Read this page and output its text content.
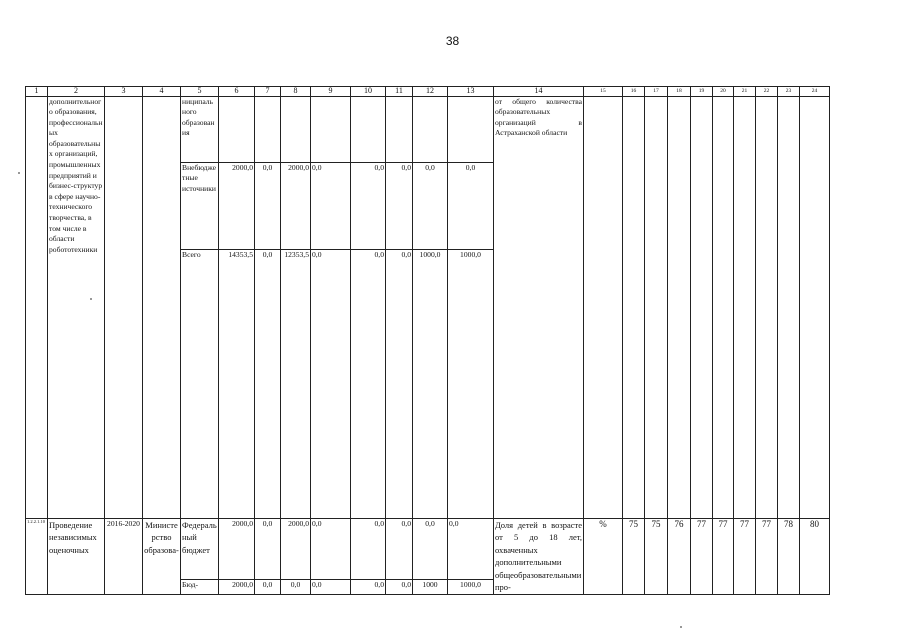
38
1	2	3	4	5	6	7	8	9	10	11	12	13	14	15	16	17	18	19	20	21	22	23	24
	дополнительного образования, профессиональных образовательных организаций, промышленных предприятий и бизнес-структур в сфере научно-технического творчества, в том числе в области робототехники			ниципального образования									от общего количества образовательных организаций в Астраханской области										
				Внебюджетные источники	2000,0	0,0	2000,0	0,0	0,0	0,0	0,0	0,0											
				Всего	14353,5	0,0	12353,5	0,0	0,0	0,0	1000,0	1000,0											
1.2.2.1.10	Проведение независимых оценочных	2016-2020	Министерство образова-	Федеральный бюджет	2000,0	0,0	2000,0	0,0	0,0	0,0	0,0	0,0	Доля детей в возрасте от 5 до 18 лет, охваченных дополнительными общеобразовательными про-	%	75	75	76	77	77	77	77	78	80
				Бюд-	2000,0	0,0	0,0	0,0	0,0	0,0	1000	1000,0											
